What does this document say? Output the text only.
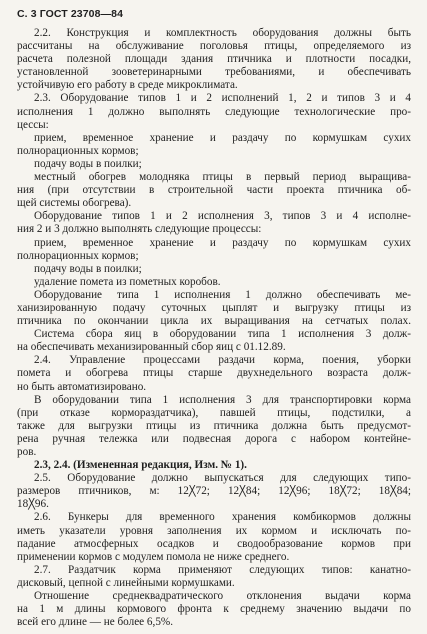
С. 3 ГОСТ 23708—84
2.2. Конструкция и комплектность оборудования должны быть
рассчитаны на обслуживание поголовья птицы, определяемого из
расчета полезной площади здания птичника и плотности посадки,
установленной зооветеринарными требованиями, и обеспечивать
устойчивую его работу в среде микроклимата.
2.3. Оборудование типов 1 и 2 исполнений 1, 2 и типов 3 и 4
исполнения 1 должно выполнять следующие технологические про-
цессы:
прием, временное хранение и раздачу по кормушкам сухих
полнорационных кормов;
подачу воды в поилки;
местный обогрев молодняка птицы в первый период выращива-
ния (при отсутствии в строительной части проекта птичника об-
щей системы обогрева).
Оборудование типов 1 и 2 исполнения 3, типов 3 и 4 исполне-
ния 2 и 3 должно выполнять следующие процессы:
прием, временное хранение и раздачу по кормушкам сухих
полнорационных кормов;
подачу воды в поилки;
удаление помета из пометных коробов.
Оборудование типа 1 исполнения 1 должно обеспечивать ме-
ханизированную подачу суточных цыплят и выгрузку птицы из
птичника по окончании цикла их выращивания на сетчатых полах.
Система сбора яиц в оборудовании типа 1 исполнения 3 долж-
на обеспечивать механизированный сбор яиц с 01.12.89.
2.4. Управление процессами раздачи корма, поения, уборки
помета и обогрева птицы старше двухнедельного возраста долж-
но быть автоматизировано.
В оборудовании типа 1 исполнения 3 для транспортировки корма
(при отказе кормораздатчика), павшей птицы, подстилки, а
также для выгрузки птицы из птичника должна быть предусмот-
рена ручная тележка или подвесная дорога с набором контейне-
ров.
2.3, 2.4. (Измененная редакция, Изм. № 1).
2.5. Оборудование должно выпускаться для следующих типо-
размеров птичников, м: 12╳72; 12╳84; 12╳96; 18╳72; 18╳84;
18╳96.
2.6. Бункеры для временного хранения комбикормов должны
иметь указатели уровня заполнения их кормом и исключать по-
падание атмосферных осадков и сводообразование кормов при
применении кормов с модулем помола не ниже среднего.
2.7. Раздатчик корма применяют следующих типов: канатно-
дисковый, цепной с линейными кормушками.
Отношение среднеквадратического отклонения выдачи корма
на 1 м длины кормового фронта к среднему значению выдачи по
всей его длине — не более 6,5%.
